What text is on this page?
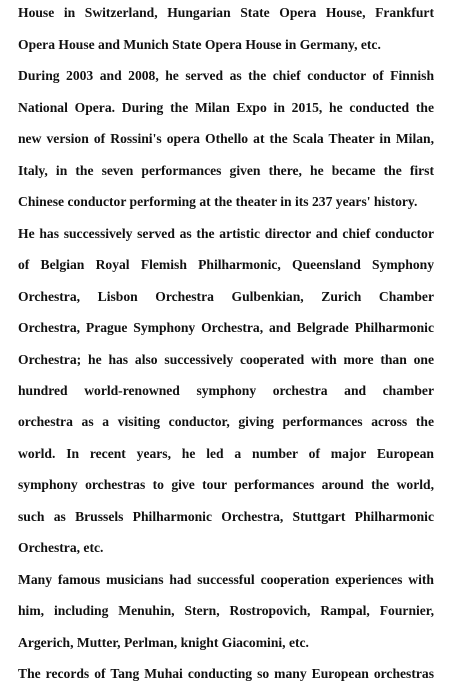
House in Switzerland, Hungarian State Opera House, Frankfurt
Opera House and Munich State Opera House in Germany, etc.
During 2003 and 2008, he served as the chief conductor of Finnish
National Opera. During the Milan Expo in 2015, he conducted the
new version of Rossini's opera Othello at the Scala Theater in Milan,
Italy, in the seven performances given there, he became the first
Chinese conductor performing at the theater in its 237 years' history.
He has successively served as the artistic director and chief conductor
of Belgian Royal Flemish Philharmonic, Queensland Symphony
Orchestra, Lisbon Orchestra Gulbenkian, Zurich Chamber
Orchestra, Prague Symphony Orchestra, and Belgrade Philharmonic
Orchestra; he has also successively cooperated with more than one
hundred world-renowned symphony orchestra and chamber
orchestra as a visiting conductor, giving performances across the
world. In recent years, he led a number of major European
symphony orchestras to give tour performances around the world,
such as Brussels Philharmonic Orchestra, Stuttgart Philharmonic
Orchestra, etc.
Many famous musicians had successful cooperation experiences with
him, including Menuhin, Stern, Rostropovich, Rampal, Fournier,
Argerich, Mutter, Perlman, knight Giacomini, etc.
The records of Tang Muhai conducting so many European orchestras
